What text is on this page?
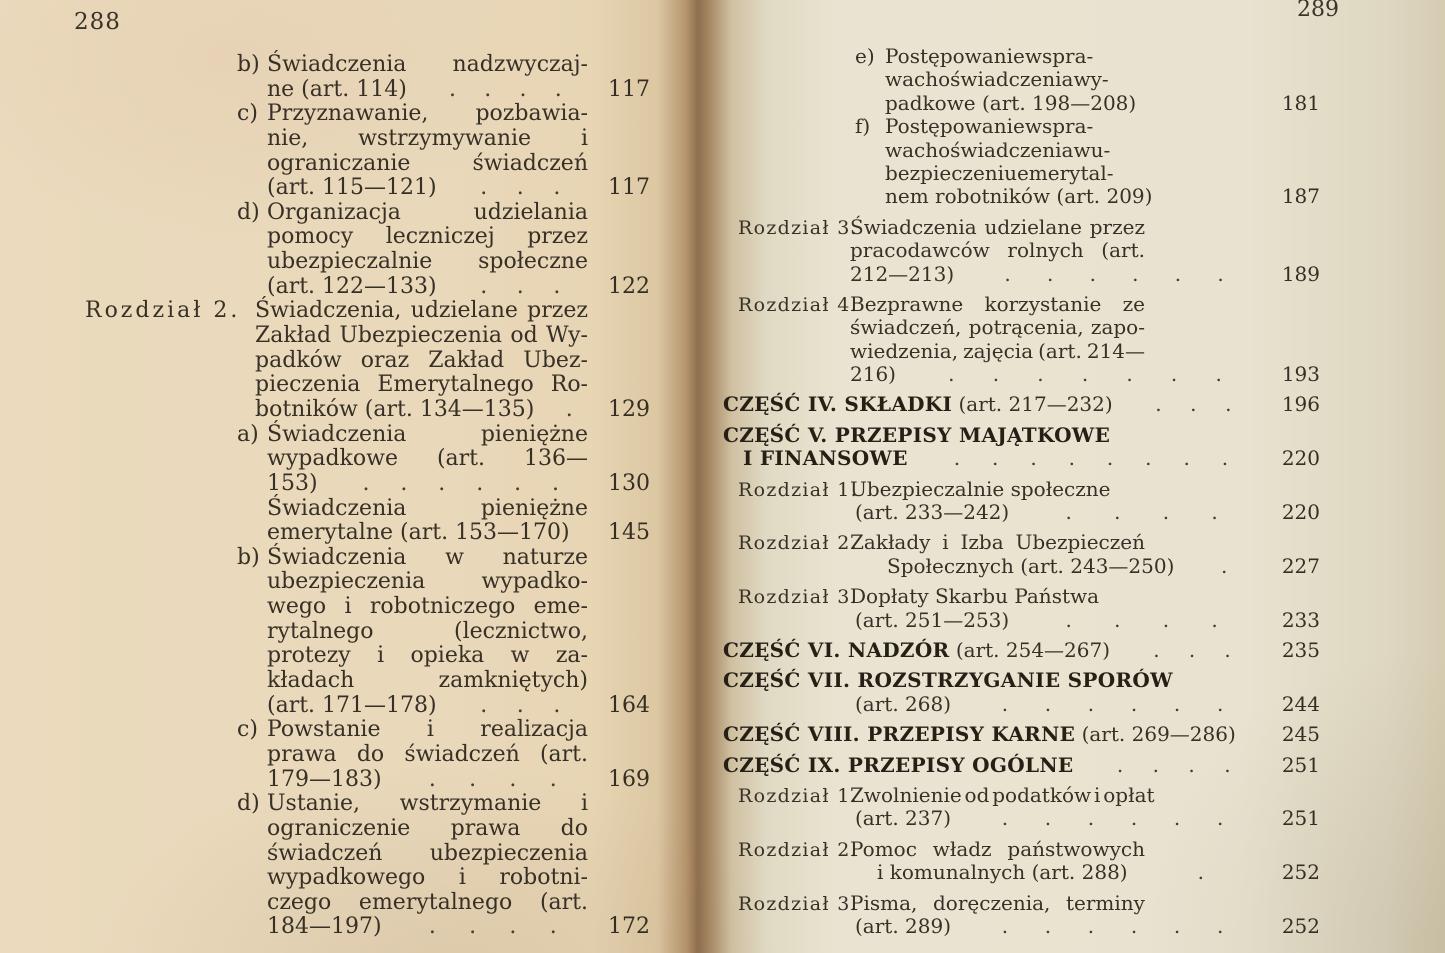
288	289
b) Świadczenia nadzwyczaj-
ne (art. 114) . . . . 117
c) Przyznawanie, pozbawia-
nie, wstrzymywanie i
ograniczanie	świadczeń
(art. 115—121) . . . 117
d) Organizacja	udzielania
pomocy leczniczej przez
ubezpieczalnie społeczne
(art. 122—133) . . . 122
Rozdział 2. Świadczenia, udzielane przez
Zakład Ubezpieczenia od Wy-
padków oraz Zakład Ubez-
pieczenia Emerytalnego Ro-
botników (art. 134—135) . 129
a) Świadczenia	pieniężne
wypadkowe (art. 136—
153) . . . . . . 130
Świadczenia	pieniężne
emerytalne (art. 153—170) 145
b) Świadczenia w naturze
ubezpieczenia	wypadko-
wego i robotniczego eme-
rytalnego	(lecznictwo,
protezy i opieka w za-
kładach	zamkniętych)
(art. 171—178) . . . 164
c) Powstanie i realizacja
prawa do świadczeń (art.
179—183) . . . . 169
d) Ustanie, wstrzymanie i
ograniczenie prawa do
świadczeń ubezpieczenia
wypadkowego i robotni-
czego emerytalnego (art.
184—197) . . . . 172
e) Postępowanie w spra-
wach o świadczenia wy-
padkowe (art. 198—208)	181
f) Postępowanie w spra-
wach o świadczenia w u-
bezpieczeniu emerytal-
nem robotników (art. 209)	187
Rozdział 3.
Świadczenia udzielane przez
pracodawców rolnych (art.
212—213)	. . . . . .	189
Rozdział 4.
Bezprawne korzystanie ze
świadczeń, potrącenia, zapo-
wiedzenia, zajęcia (art. 214—
216)	. . . . . . .	193
CZĘŚĆ IV. SKŁADKI (art. 217—232) . . .	196
CZĘŚĆ V. PRZEPISY MAJĄTKOWE
I FINANSOWE . . . . . . . .	220
Rozdział 1.
Ubezpieczalnie społeczne
(art. 233—242)	. . . .	220
Rozdział 2.
Zakłady i Izba Ubezpieczeń
Społecznych (art. 243—250) .	227
Rozdział 3.
Dopłaty Skarbu Państwa
(art. 251—253)	. . . .	233
CZĘŚĆ VI. NADZÓR (art. 254—267) . . .	235
CZĘŚĆ VII. ROZSTRZYGANIE SPORÓW
(art. 268)	. . . . . .	244
CZĘŚĆ VIII. PRZEPISY KARNE (art. 269—286)	245
CZĘŚĆ IX. PRZEPISY OGÓLNE . . . .	251
Rozdział 1.
Zwolnienie od podatków i opłat
(art. 237)	. . . . . .	251
Rozdział 2.
Pomoc władz państwowych
i komunalnych (art. 288)	.	252
Rozdział 3.
Pisma, doręczenia, terminy
(art. 289)	. . . . . .	252
